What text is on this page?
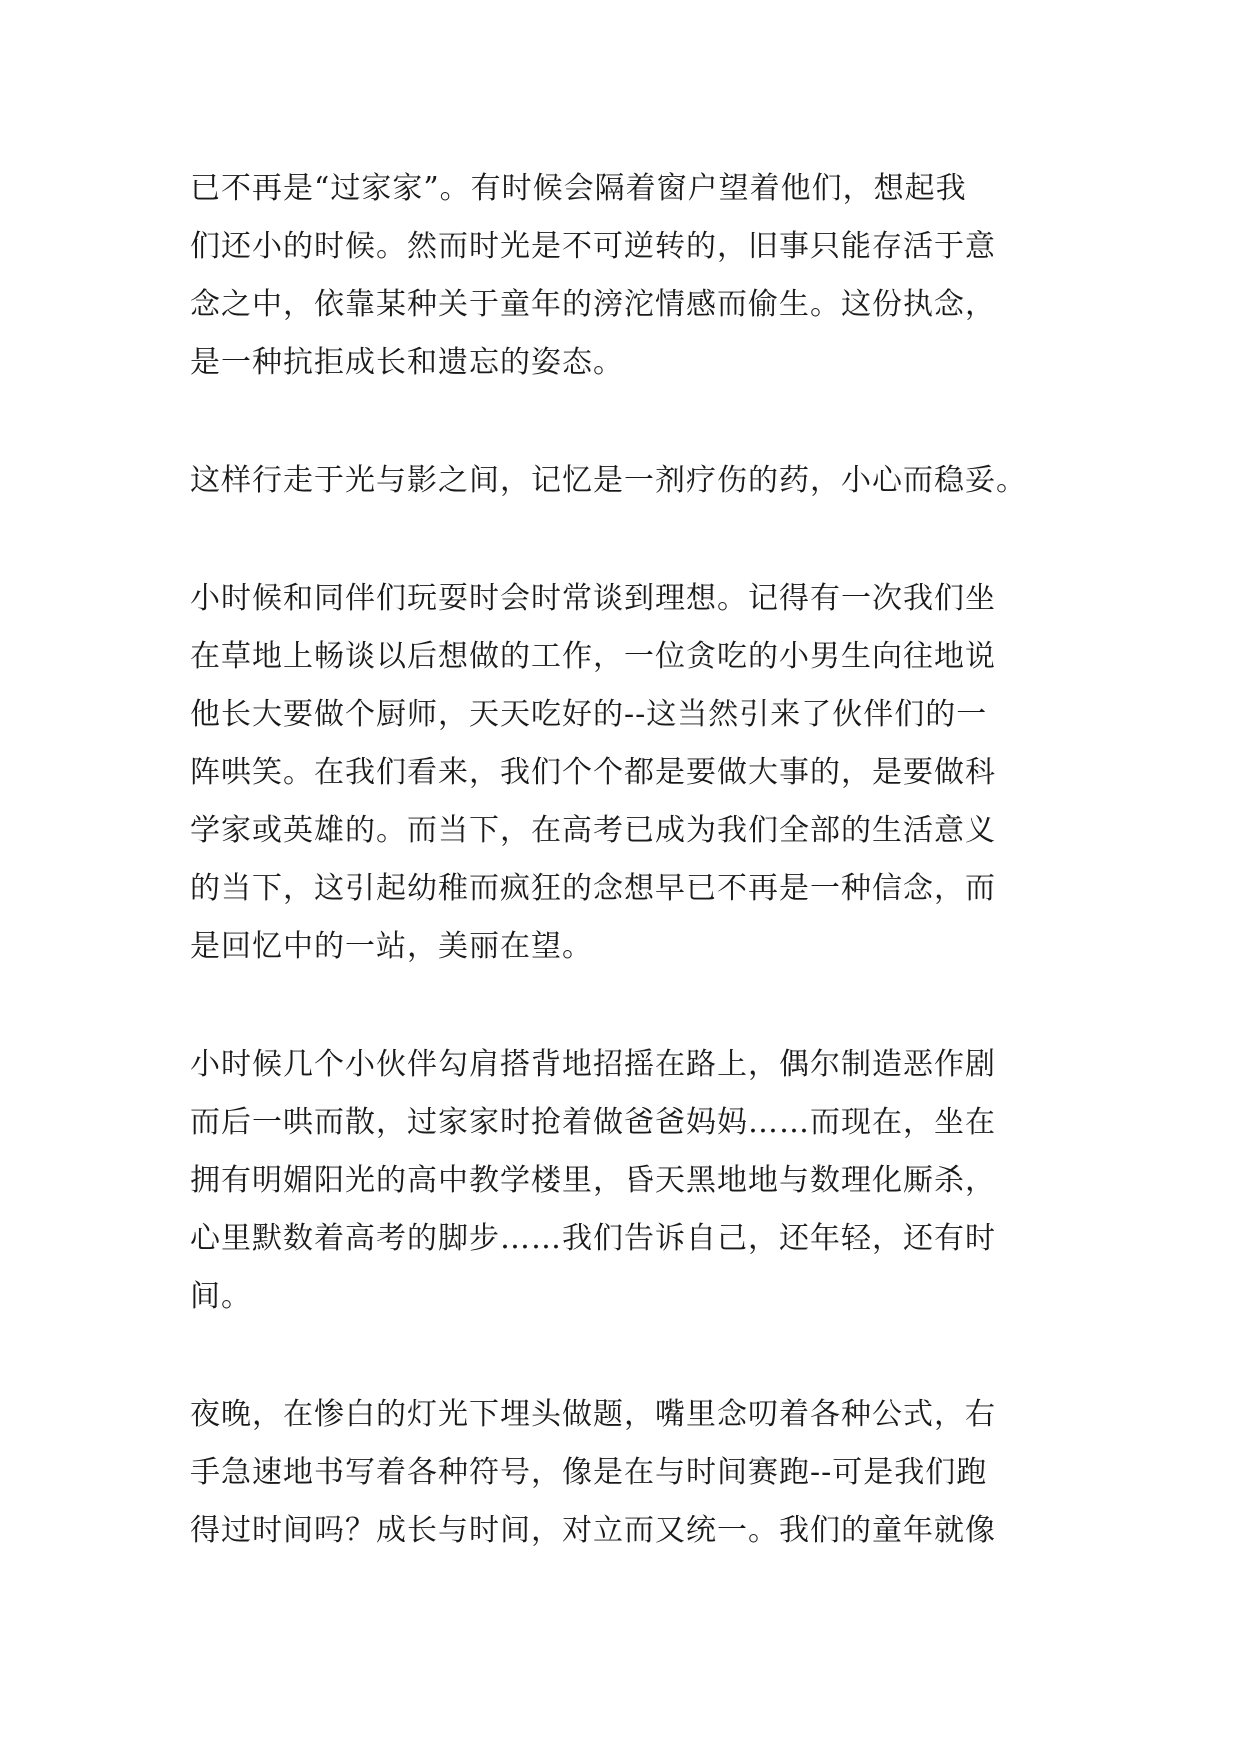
已不再是“过家家”。有时候会隔着窗户望着他们，想起我
们还小的时候。然而时光是不可逆转的，旧事只能存活于意
念之中，依靠某种关于童年的滂沱情感而偷生。这份执念，
是一种抗拒成长和遗忘的姿态。
这样行走于光与影之间，记忆是一剂疗伤的药，小心而稳妥。
小时候和同伴们玩耍时会时常谈到理想。记得有一次我们坐
在草地上畅谈以后想做的工作，一位贪吃的小男生向往地说
他长大要做个厨师，天天吃好的--这当然引来了伙伴们的一
阵哄笑。在我们看来，我们个个都是要做大事的，是要做科
学家或英雄的。而当下，在高考已成为我们全部的生活意义
的当下，这引起幼稚而疯狂的念想早已不再是一种信念，而
是回忆中的一站，美丽在望。
小时候几个小伙伴勾肩搭背地招摇在路上，偶尔制造恶作剧
而后一哄而散，过家家时抢着做爸爸妈妈……而现在，坐在
拥有明媚阳光的高中教学楼里，昏天黑地地与数理化厮杀，
心里默数着高考的脚步……我们告诉自己，还年轻，还有时
间。
夜晚，在惨白的灯光下埋头做题，嘴里念叨着各种公式，右
手急速地书写着各种符号，像是在与时间赛跑--可是我们跑
得过时间吗？成长与时间，对立而又统一。我们的童年就像
